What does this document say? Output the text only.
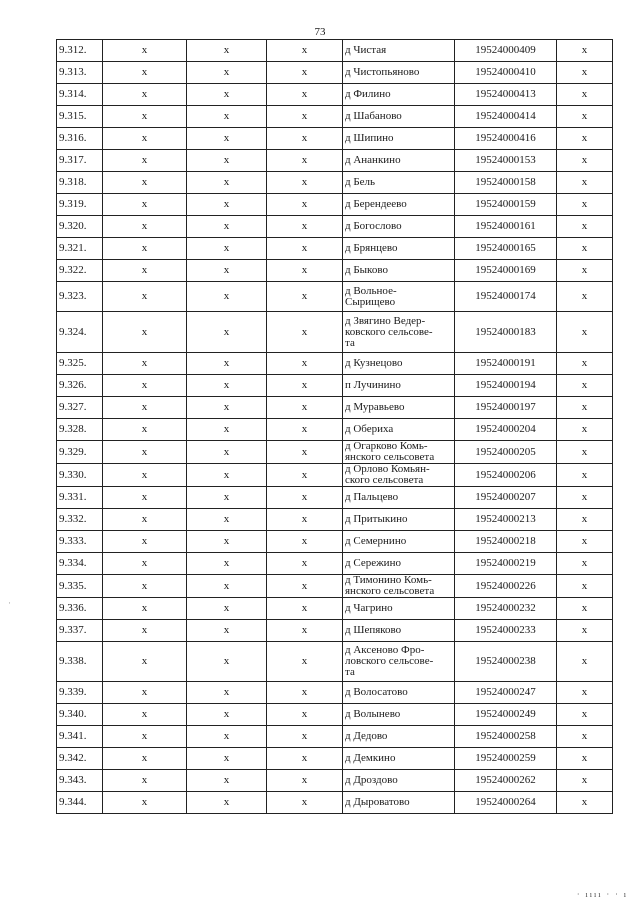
73
·
9.312.	х	х	х	д Чистая	19524000409	х
9.313.	х	х	х	д Чистопьяново	19524000410	х
9.314.	х	х	х	д Филино	19524000413	х
9.315.	х	х	х	д Шабаново	19524000414	х
9.316.	х	х	х	д Шипино	19524000416	х
9.317.	х	х	х	д Ананкино	19524000153	х
9.318.	х	х	х	д Бель	19524000158	х
9.319.	х	х	х	д Берендеево	19524000159	х
9.320.	х	х	х	д Богослово	19524000161	х
9.321.	х	х	х	д Брянцево	19524000165	х
9.322.	х	х	х	д Быково	19524000169	х
9.323.	х	х	х	д Вольное-
Сырищево	19524000174	х
9.324.	х	х	х	д Звягино Ведер-
ковского сельсове-
та	19524000183	х
9.325.	х	х	х	д Кузнецово	19524000191	х
9.326.	х	х	х	п Лучинино	19524000194	х
9.327.	х	х	х	д Муравьево	19524000197	х
9.328.	х	х	х	д Обериха	19524000204	х
9.329.	х	х	х	д Огарково Комь-
янского сельсовета	19524000205	х
9.330.	х	х	х	д Орлово Комьян-
ского сельсовета	19524000206	х
9.331.	х	х	х	д Пальцево	19524000207	х
9.332.	х	х	х	д Притыкино	19524000213	х
9.333.	х	х	х	д Семернино	19524000218	х
9.334.	х	х	х	д Сережино	19524000219	х
9.335.	х	х	х	д Тимонино Комь-
янского сельсовета	19524000226	х
9.336.	х	х	х	д Чагрино	19524000232	х
9.337.	х	х	х	д Шепяково	19524000233	х
9.338.	х	х	х	д Аксеново Фро-
ловского сельсове-
та	19524000238	х
9.339.	х	х	х	д Волосатово	19524000247	х
9.340.	х	х	х	д Волынево	19524000249	х
9.341.	х	х	х	д Дедово	19524000258	х
9.342.	х	х	х	д Демкино	19524000259	х
9.343.	х	х	х	д Дроздово	19524000262	х
9.344.	х	х	х	д Дыроватово	19524000264	х
· ıııı · · ı
